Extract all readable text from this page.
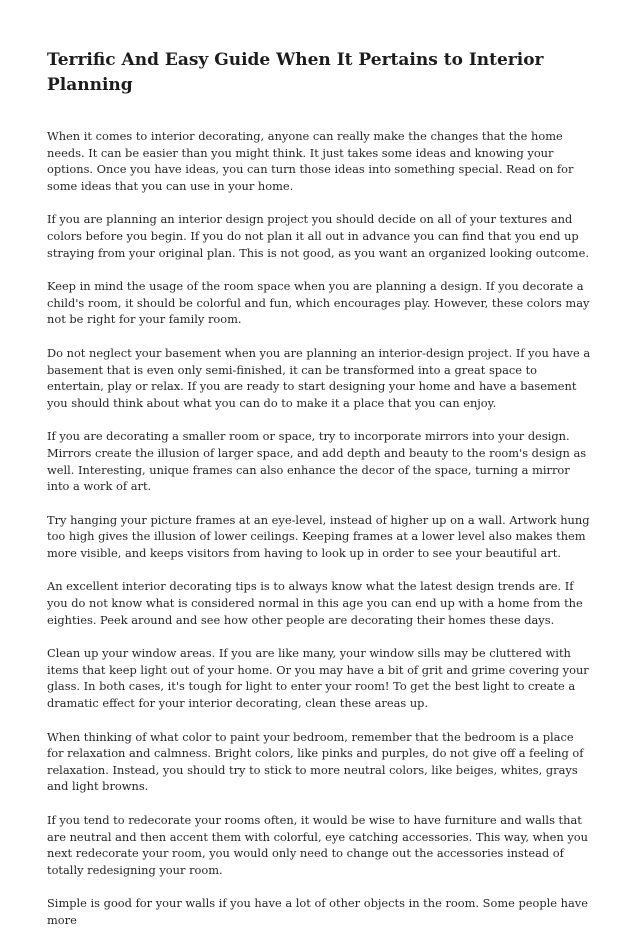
Terrific And Easy Guide When It Pertains to Interior Planning

When it comes to interior decorating, anyone can really make the changes that the home needs. It can be easier than you might think. It just takes some ideas and knowing your options. Once you have ideas, you can turn those ideas into something special. Read on for some ideas that you can use in your home.

If you are planning an interior design project you should decide on all of your textures and colors before you begin. If you do not plan it all out in advance you can find that you end up straying from your original plan. This is not good, as you want an organized looking outcome.

Keep in mind the usage of the room space when you are planning a design. If you decorate a child's room, it should be colorful and fun, which encourages play. However, these colors may not be right for your family room.

Do not neglect your basement when you are planning an interior-design project. If you have a basement that is even only semi-finished, it can be transformed into a great space to entertain, play or relax. If you are ready to start designing your home and have a basement you should think about what you can do to make it a place that you can enjoy.

If you are decorating a smaller room or space, try to incorporate mirrors into your design. Mirrors create the illusion of larger space, and add depth and beauty to the room's design as well. Interesting, unique frames can also enhance the decor of the space, turning a mirror into a work of art.

Try hanging your picture frames at an eye-level, instead of higher up on a wall. Artwork hung too high gives the illusion of lower ceilings. Keeping frames at a lower level also makes them more visible, and keeps visitors from having to look up in order to see your beautiful art.

An excellent interior decorating tips is to always know what the latest design trends are. If you do not know what is considered normal in this age you can end up with a home from the eighties. Peek around and see how other people are decorating their homes these days.

Clean up your window areas. If you are like many, your window sills may be cluttered with items that keep light out of your home. Or you may have a bit of grit and grime covering your glass. In both cases, it's tough for light to enter your room! To get the best light to create a dramatic effect for your interior decorating, clean these areas up.

When thinking of what color to paint your bedroom, remember that the bedroom is a place for relaxation and calmness. Bright colors, like pinks and purples, do not give off a feeling of relaxation. Instead, you should try to stick to more neutral colors, like beiges, whites, grays and light browns.

If you tend to redecorate your rooms often, it would be wise to have furniture and walls that are neutral and then accent them with colorful, eye catching accessories. This way, when you next redecorate your room, you would only need to change out the accessories instead of totally redesigning your room.

Simple is good for your walls if you have a lot of other objects in the room. Some people have more
